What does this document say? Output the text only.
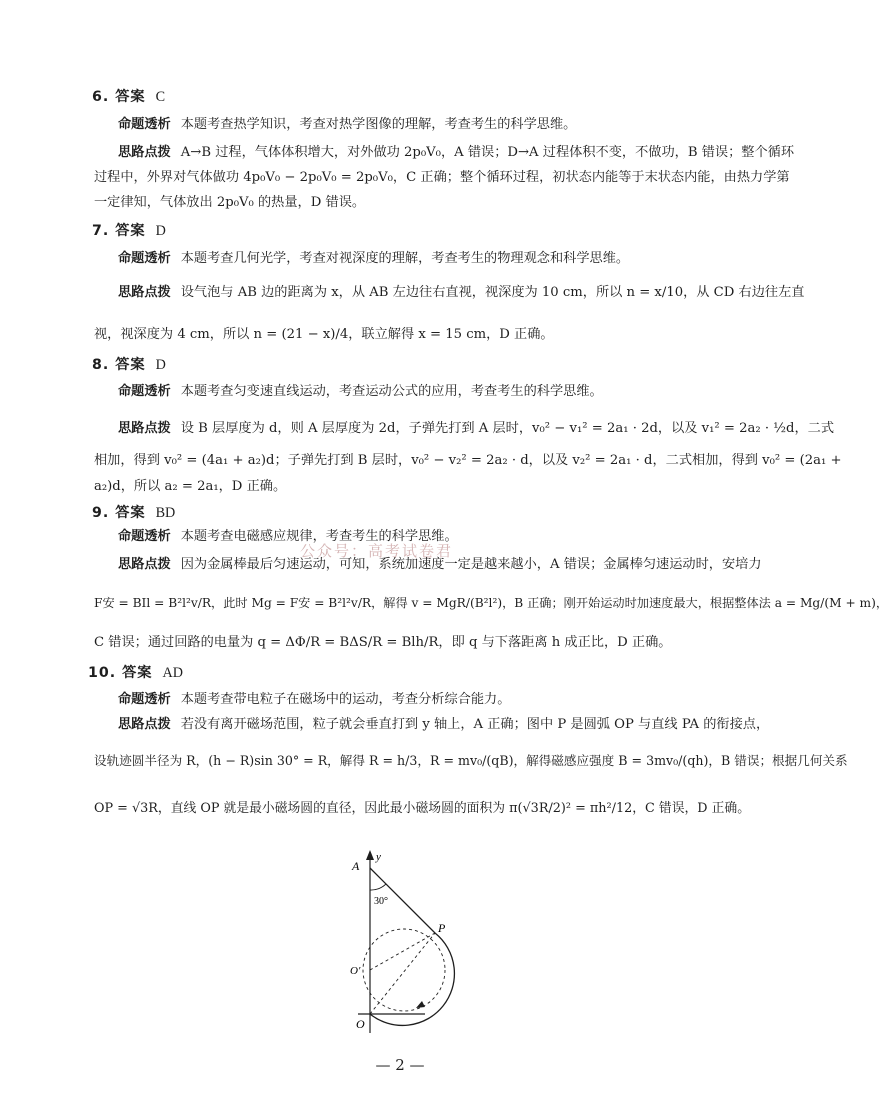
6. 答案 C
命题透析 本题考查热学知识，考查对热学图像的理解，考查考生的科学思维。
思路点拨 A→B 过程，气体体积增大，对外做功 2p₀V₀，A 错误；D→A 过程体积不变，不做功，B 错误；整个循环
过程中，外界对气体做功 4p₀V₀ − 2p₀V₀ = 2p₀V₀，C 正确；整个循环过程，初状态内能等于末状态内能，由热力学第
一定律知，气体放出 2p₀V₀ 的热量，D 错误。
7. 答案 D
命题透析 本题考查几何光学，考查对视深度的理解，考查考生的物理观念和科学思维。
思路点拨 设气泡与 AB 边的距离为 x，从 AB 左边往右直视，视深度为 10 cm，所以 n = x/10，从 CD 右边往左直
视，视深度为 4 cm，所以 n = (21 − x)/4，联立解得 x = 15 cm，D 正确。
8. 答案 D
命题透析 本题考查匀变速直线运动，考查运动公式的应用，考查考生的科学思维。
思路点拨 设 B 层厚度为 d，则 A 层厚度为 2d，子弹先打到 A 层时，v₀² − v₁² = 2a₁ · 2d，以及 v₁² = 2a₂ · ½d，二式
相加，得到 v₀² = (4a₁ + a₂)d；子弹先打到 B 层时，v₀² − v₂² = 2a₂ · d，以及 v₂² = 2a₁ · d，二式相加，得到 v₀² = (2a₁ +
a₂)d，所以 a₂ = 2a₁，D 正确。
9. 答案 BD
命题透析 本题考查电磁感应规律，考查考生的科学思维。
公众号：高考试卷君
思路点拨 因为金属棒最后匀速运动，可知，系统加速度一定是越来越小，A 错误；金属棒匀速运动时，安培力
F安 = BIl = B²l²v/R，此时 Mg = F安 = B²l²v/R，解得 v = MgR/(B²l²)，B 正确；刚开始运动时加速度最大，根据整体法 a = Mg/(M + m)，
C 错误；通过回路的电量为 q = ΔΦ/R = BΔS/R = Blh/R，即 q 与下落距离 h 成正比，D 正确。
10. 答案 AD
命题透析 本题考查带电粒子在磁场中的运动，考查分析综合能力。
思路点拨 若没有离开磁场范围，粒子就会垂直打到 y 轴上，A 正确；图中 P 是圆弧 OP 与直线 PA 的衔接点，
设轨迹圆半径为 R，(h − R)sin 30° = R，解得 R = h/3，R = mv₀/(qB)，解得磁感应强度 B = 3mv₀/(qh)，B 错误；根据几何关系
OP = √3R，直线 OP 就是最小磁场圆的直径，因此最小磁场圆的面积为 π(√3R/2)² = πh²/12，C 错误，D 正确。
A
30°
P
O′
O
y
— 2 —
